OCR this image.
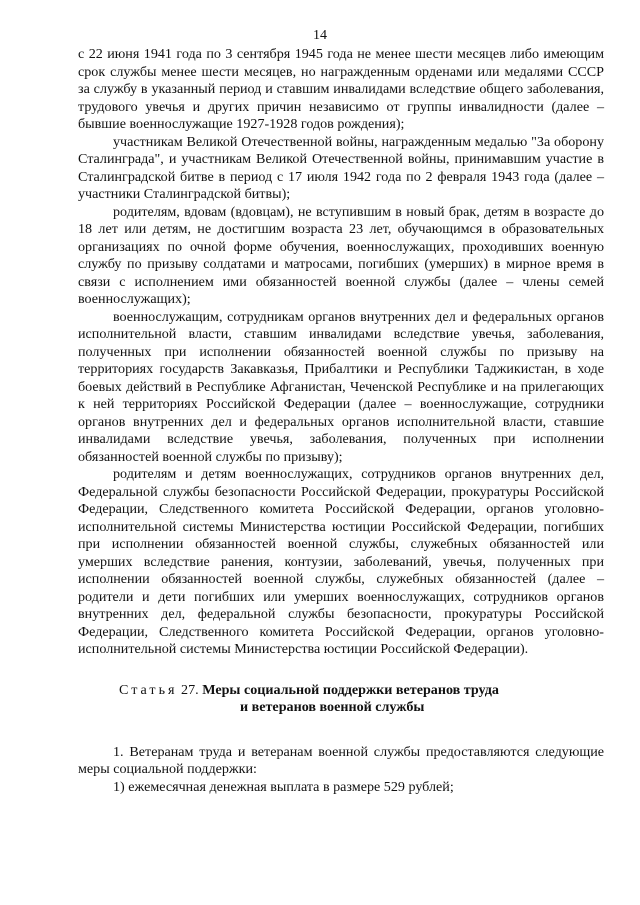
14

с 22 июня 1941 года по 3 сентября 1945 года не менее шести месяцев либо имеющим срок службы менее шести месяцев, но награжденным орденами или медалями СССР за службу в указанный период и ставшим инвалидами вследствие общего заболевания, трудового увечья и других причин независимо от группы инвалидности (далее – бывшие военнослужащие 1927-1928 годов рождения);

участникам Великой Отечественной войны, награжденным медалью "За оборону Сталинграда", и участникам Великой Отечественной войны, принимавшим участие в Сталинградской битве в период с 17 июля 1942 года по 2 февраля 1943 года (далее – участники Сталинградской битвы);

родителям, вдовам (вдовцам), не вступившим в новый брак, детям в возрасте до 18 лет или детям, не достигшим возраста 23 лет, обучающимся в образовательных организациях по очной форме обучения, военнослужащих, проходивших военную службу по призыву солдатами и матросами, погибших (умерших) в мирное время в связи с исполнением ими обязанностей военной службы (далее – члены семей военнослужащих);

военнослужащим, сотрудникам органов внутренних дел и федеральных органов исполнительной власти, ставшим инвалидами вследствие увечья, заболевания, полученных при исполнении обязанностей военной службы по призыву на территориях государств Закавказья, Прибалтики и Республики Таджикистан, в ходе боевых действий в Республике Афганистан, Чеченской Республике и на прилегающих к ней территориях Российской Федерации (далее – военнослужащие, сотрудники органов внутренних дел и федеральных органов исполнительной власти, ставшие инвалидами вследствие увечья, заболевания, полученных при исполнении обязанностей военной службы по призыву);

родителям и детям военнослужащих, сотрудников органов внутренних дел, Федеральной службы безопасности Российской Федерации, прокуратуры Российской Федерации, Следственного комитета Российской Федерации, органов уголовно-исполнительной системы Министерства юстиции Российской Федерации, погибших при исполнении обязанностей военной службы, служебных обязанностей или умерших вследствие ранения, контузии, заболеваний, увечья, полученных при исполнении обязанностей военной службы, служебных обязанностей (далее – родители и дети погибших или умерших военнослужащих, сотрудников органов внутренних дел, федеральной службы безопасности, прокуратуры Российской Федерации, Следственного комитета Российской Федерации, органов уголовно-исполнительной системы Министерства юстиции Российской Федерации).

Статья 27. Меры социальной поддержки ветеранов труда
и ветеранов военной службы

1. Ветеранам труда и ветеранам военной службы предоставляются следующие меры социальной поддержки:

1) ежемесячная денежная выплата в размере 529 рублей;
